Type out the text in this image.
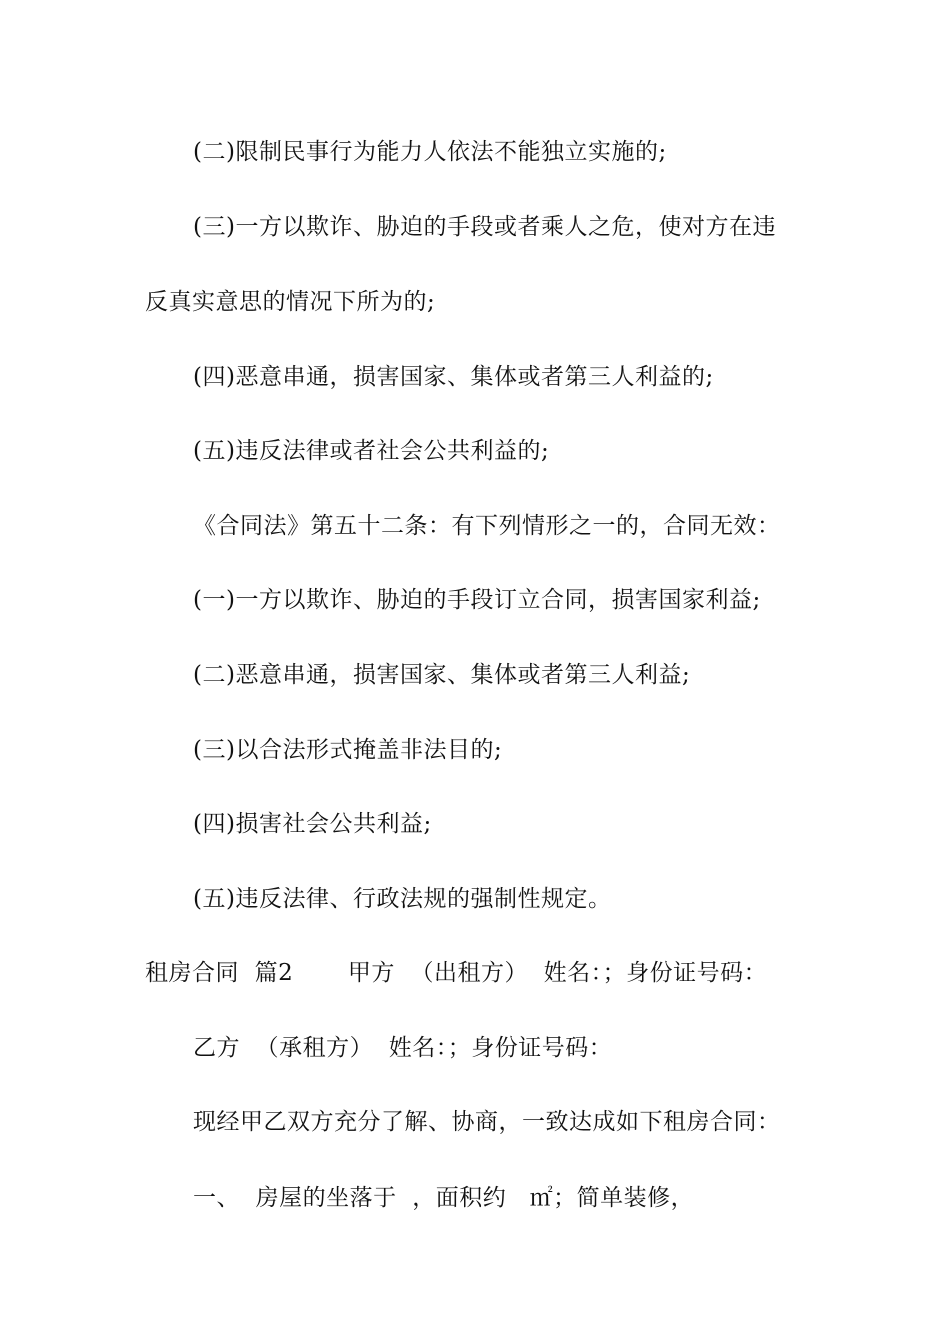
(二)限制民事行为能力人依法不能独立实施的;
(三)一方以欺诈、胁迫的手段或者乘人之危，使对方在违
反真实意思的情况下所为的;
(四)恶意串通，损害国家、集体或者第三人利益的;
(五)违反法律或者社会公共利益的;
《合同法》第五十二条：有下列情形之一的，合同无效：
(一)一方以欺诈、胁迫的手段订立合同，损害国家利益;
(二)恶意串通，损害国家、集体或者第三人利益;
(三)以合法形式掩盖非法目的;
(四)损害社会公共利益;
(五)违反法律、行政法规的强制性规定。
租房合同  篇2       甲方  （出租方）  姓名：；身份证号码：
乙方  （承租方）  姓名：；身份证号码：
现经甲乙双方充分了解、协商，一致达成如下租房合同：
一、  房屋的坐落于  ，面积约   ㎡；简单装修，
